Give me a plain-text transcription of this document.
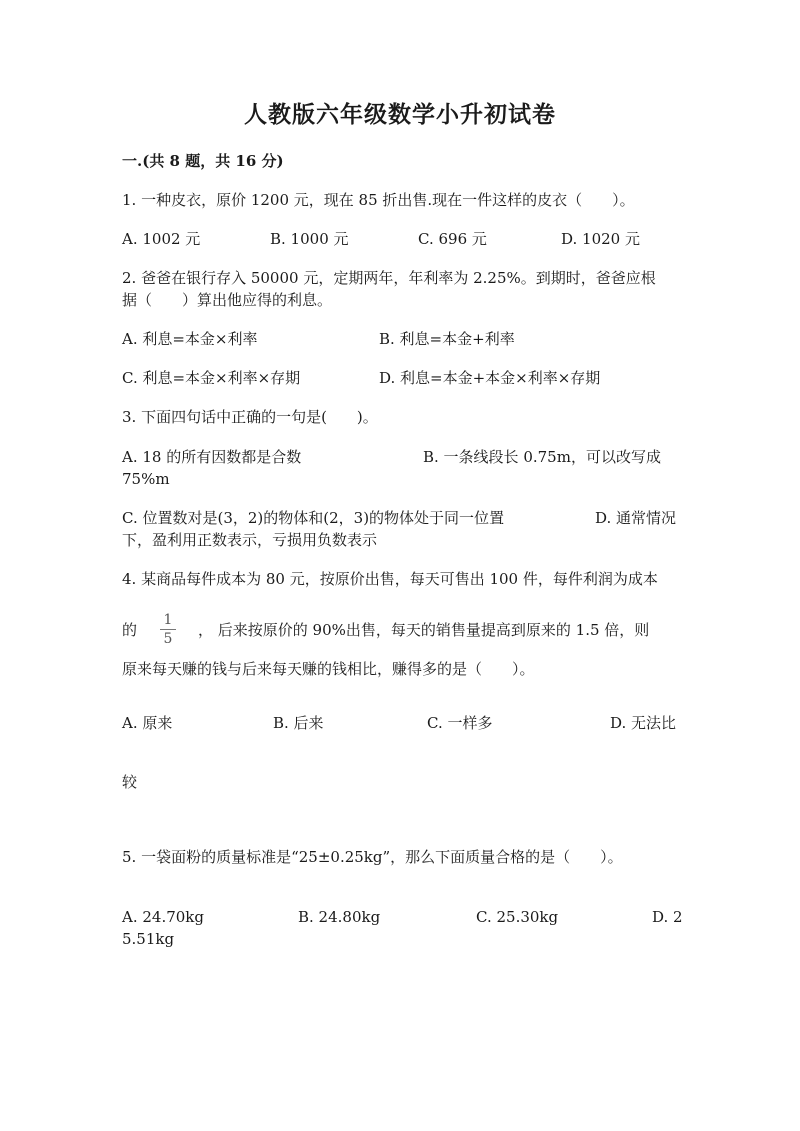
人教版六年级数学小升初试卷
一.(共 8 题，共 16 分)
1. 一种皮衣，原价 1200 元，现在 85 折出售.现在一件这样的皮衣（　　）。
A. 1002 元	B. 1000 元	C. 696 元	D. 1020 元
2. 爸爸在银行存入 50000 元，定期两年，年利率为 2.25%。到期时，爸爸应根
据（　　）算出他应得的利息。
A. 利息=本金×利率	B. 利息=本金+利率
C. 利息=本金×利率×存期	D. 利息=本金+本金×利率×存期
3. 下面四句话中正确的一句是(　　)。
A. 18 的所有因数都是合数	B. 一条线段长 0.75m，可以改写成
75%m
C. 位置数对是(3，2)的物体和(2，3)的物体处于同一位置	D. 通常情况
下，盈利用正数表示，亏损用负数表示
4. 某商品每件成本为 80 元，按原价出售，每天可售出 100 件，每件利润为成本
的
1
5	， 后来按原价的 90%出售，每天的销售量提高到原来的 1.5 倍，则
原来每天赚的钱与后来每天赚的钱相比，赚得多的是（　　）。
A. 原来	B. 后来	C. 一样多	D. 无法比
较
5. 一袋面粉的质量标准是“25±0.25kg”，那么下面质量合格的是（　　）。
A. 24.70kg	B. 24.80kg	C. 25.30kg	D. 2
5.51kg
